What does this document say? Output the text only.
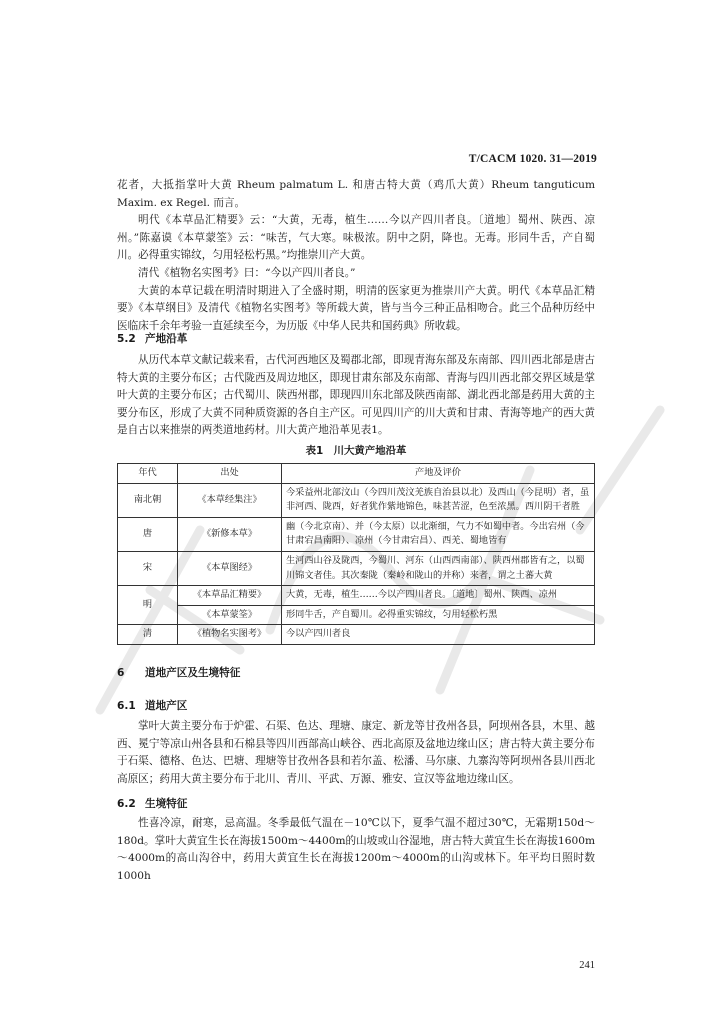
T/CACM 1020. 31—2019

花者，大抵指掌叶大黄 Rheum palmatum L. 和唐古特大黄（鸡爪大黄）Rheum tanguticum Maxim. ex Regel. 而言。

明代《本草品汇精要》云：“大黄，无毒，植生……今以产四川者良。〔道地〕蜀州、陕西、凉州。”陈嘉谟《本草蒙筌》云：“味苦，气大寒。味极浓。阴中之阴，降也。无毒。形同牛舌，产自蜀川。必得重实锦纹，匀用轻松朽黑。”均推崇川产大黄。

清代《植物名实图考》曰：“今以产四川者良。”

大黄的本草记载在明清时期进入了全盛时期，明清的医家更为推崇川产大黄。明代《本草品汇精要》《本草纲目》及清代《植物名实图考》等所载大黄，皆与当今三种正品相吻合。此三个品种历经中医临床千余年考验一直延续至今，为历版《中华人民共和国药典》所收载。

5.2 产地沿革

从历代本草文献记载来看，古代河西地区及蜀郡北部，即现青海东部及东南部、四川西北部是唐古特大黄的主要分布区；古代陇西及周边地区，即现甘肃东部及东南部、青海与四川西北部交界区域是掌叶大黄的主要分布区；古代蜀川、陕西州郡，即现四川东北部及陕西南部、湖北西北部是药用大黄的主要分布区，形成了大黄不同种质资源的各自主产区。可见四川产的川大黄和甘肃、青海等地产的西大黄是自古以来推崇的两类道地药材。川大黄产地沿革见表1。

表1　川大黄产地沿革
年代	出处	产地及评价
南北朝	《本草经集注》	今采益州北部汶山（今四川茂汶羌族自治县以北）及西山（今昆明）者，虽非河西、陇西，好者犹作紫地锦色，味甚苦涩，色至浓黑。西川阴干者胜
唐	《新修本草》	幽（今北京南）、并（今太原）以北渐细，气力不如蜀中者。今出宕州（今甘肃宕昌南阳）、凉州（今甘肃宕昌）、西羌、蜀地皆有
宋	《本草图经》	生河西山谷及陇西，今蜀川、河东（山西西南部）、陕西州郡皆有之，以蜀川锦文者佳。其次秦陇（秦岭和陇山的并称）来者，谓之土蕃大黄
明	《本草品汇精要》	大黄，无毒，植生……今以产四川者良。〔道地〕蜀州、陕西、凉州
	《本草蒙筌》	形同牛舌，产自蜀川。必得重实锦纹，匀用轻松朽黑
清	《植物名实图考》	今以产四川者良
6 道地产区及生境特征
6.1 道地产区

掌叶大黄主要分布于炉霍、石渠、色达、理塘、康定、新龙等甘孜州各县，阿坝州各县，木里、越西、冕宁等凉山州各县和石棉县等四川西部高山峡谷、西北高原及盆地边缘山区；唐古特大黄主要分布于石渠、德格、色达、巴塘、理塘等甘孜州各县和若尔盖、松潘、马尔康、九寨沟等阿坝州各县川西北高原区；药用大黄主要分布于北川、青川、平武、万源、雅安、宣汉等盆地边缘山区。

6.2 生境特征

性喜冷凉，耐寒，忌高温。冬季最低气温在－10℃以下，夏季气温不超过30℃，无霜期150d～180d。掌叶大黄宜生长在海拔1500m～4400m的山坡或山谷湿地，唐古特大黄宜生长在海拔1600m～4000m的高山沟谷中，药用大黄宜生长在海拔1200m～4000m的山沟或林下。年平均日照时数1000h

241
